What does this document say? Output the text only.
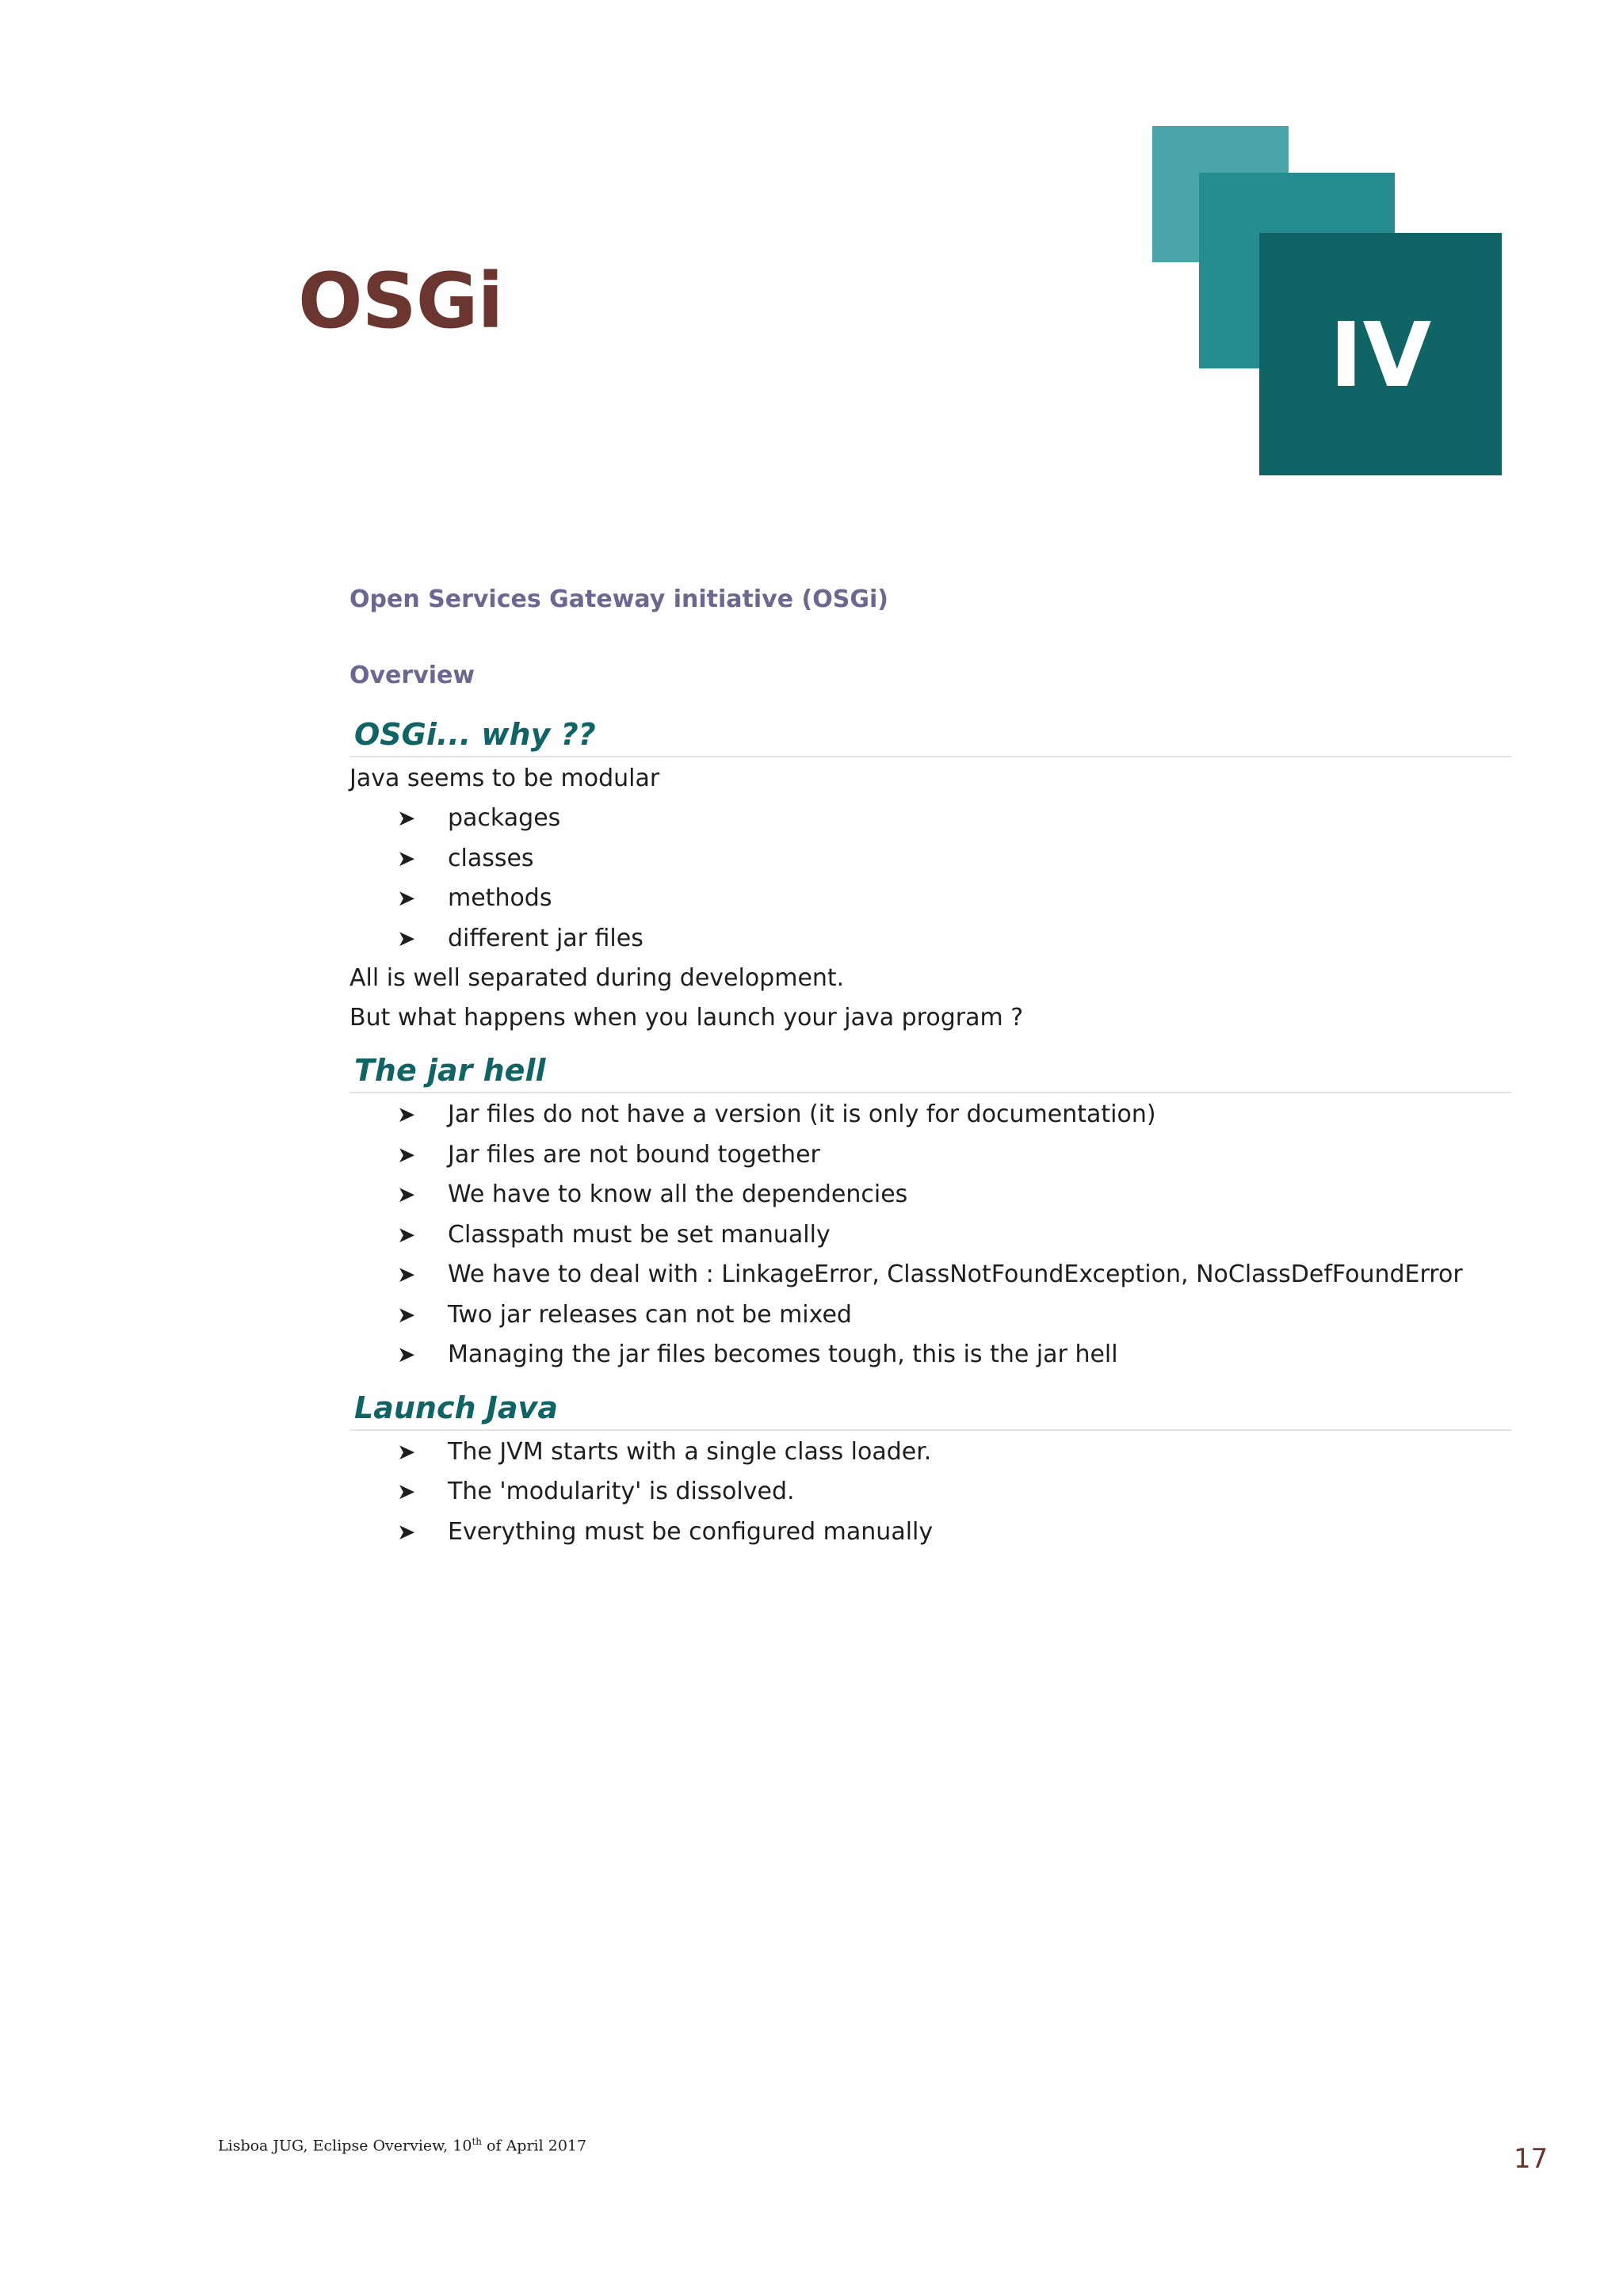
OSGi
IV

Open Services Gateway initiative (OSGi)

Overview

OSGi... why ??

Java seems to be modular

➤ packages
➤ classes
➤ methods
➤ different jar files

All is well separated during development.

But what happens when you launch your java program ?

The jar hell
➤ Jar files do not have a version (it is only for documentation)
➤ Jar files are not bound together
➤ We have to know all the dependencies
➤ Classpath must be set manually
➤ We have to deal with : LinkageError, ClassNotFoundException, NoClassDefFoundError
➤ Two jar releases can not be mixed
➤ Managing the jar files becomes tough, this is the jar hell
Launch Java
➤ The JVM starts with a single class loader.
➤ The 'modularity' is dissolved.
➤ Everything must be configured manually
Lisboa JUG, Eclipse Overview, 10th of April 2017	17
